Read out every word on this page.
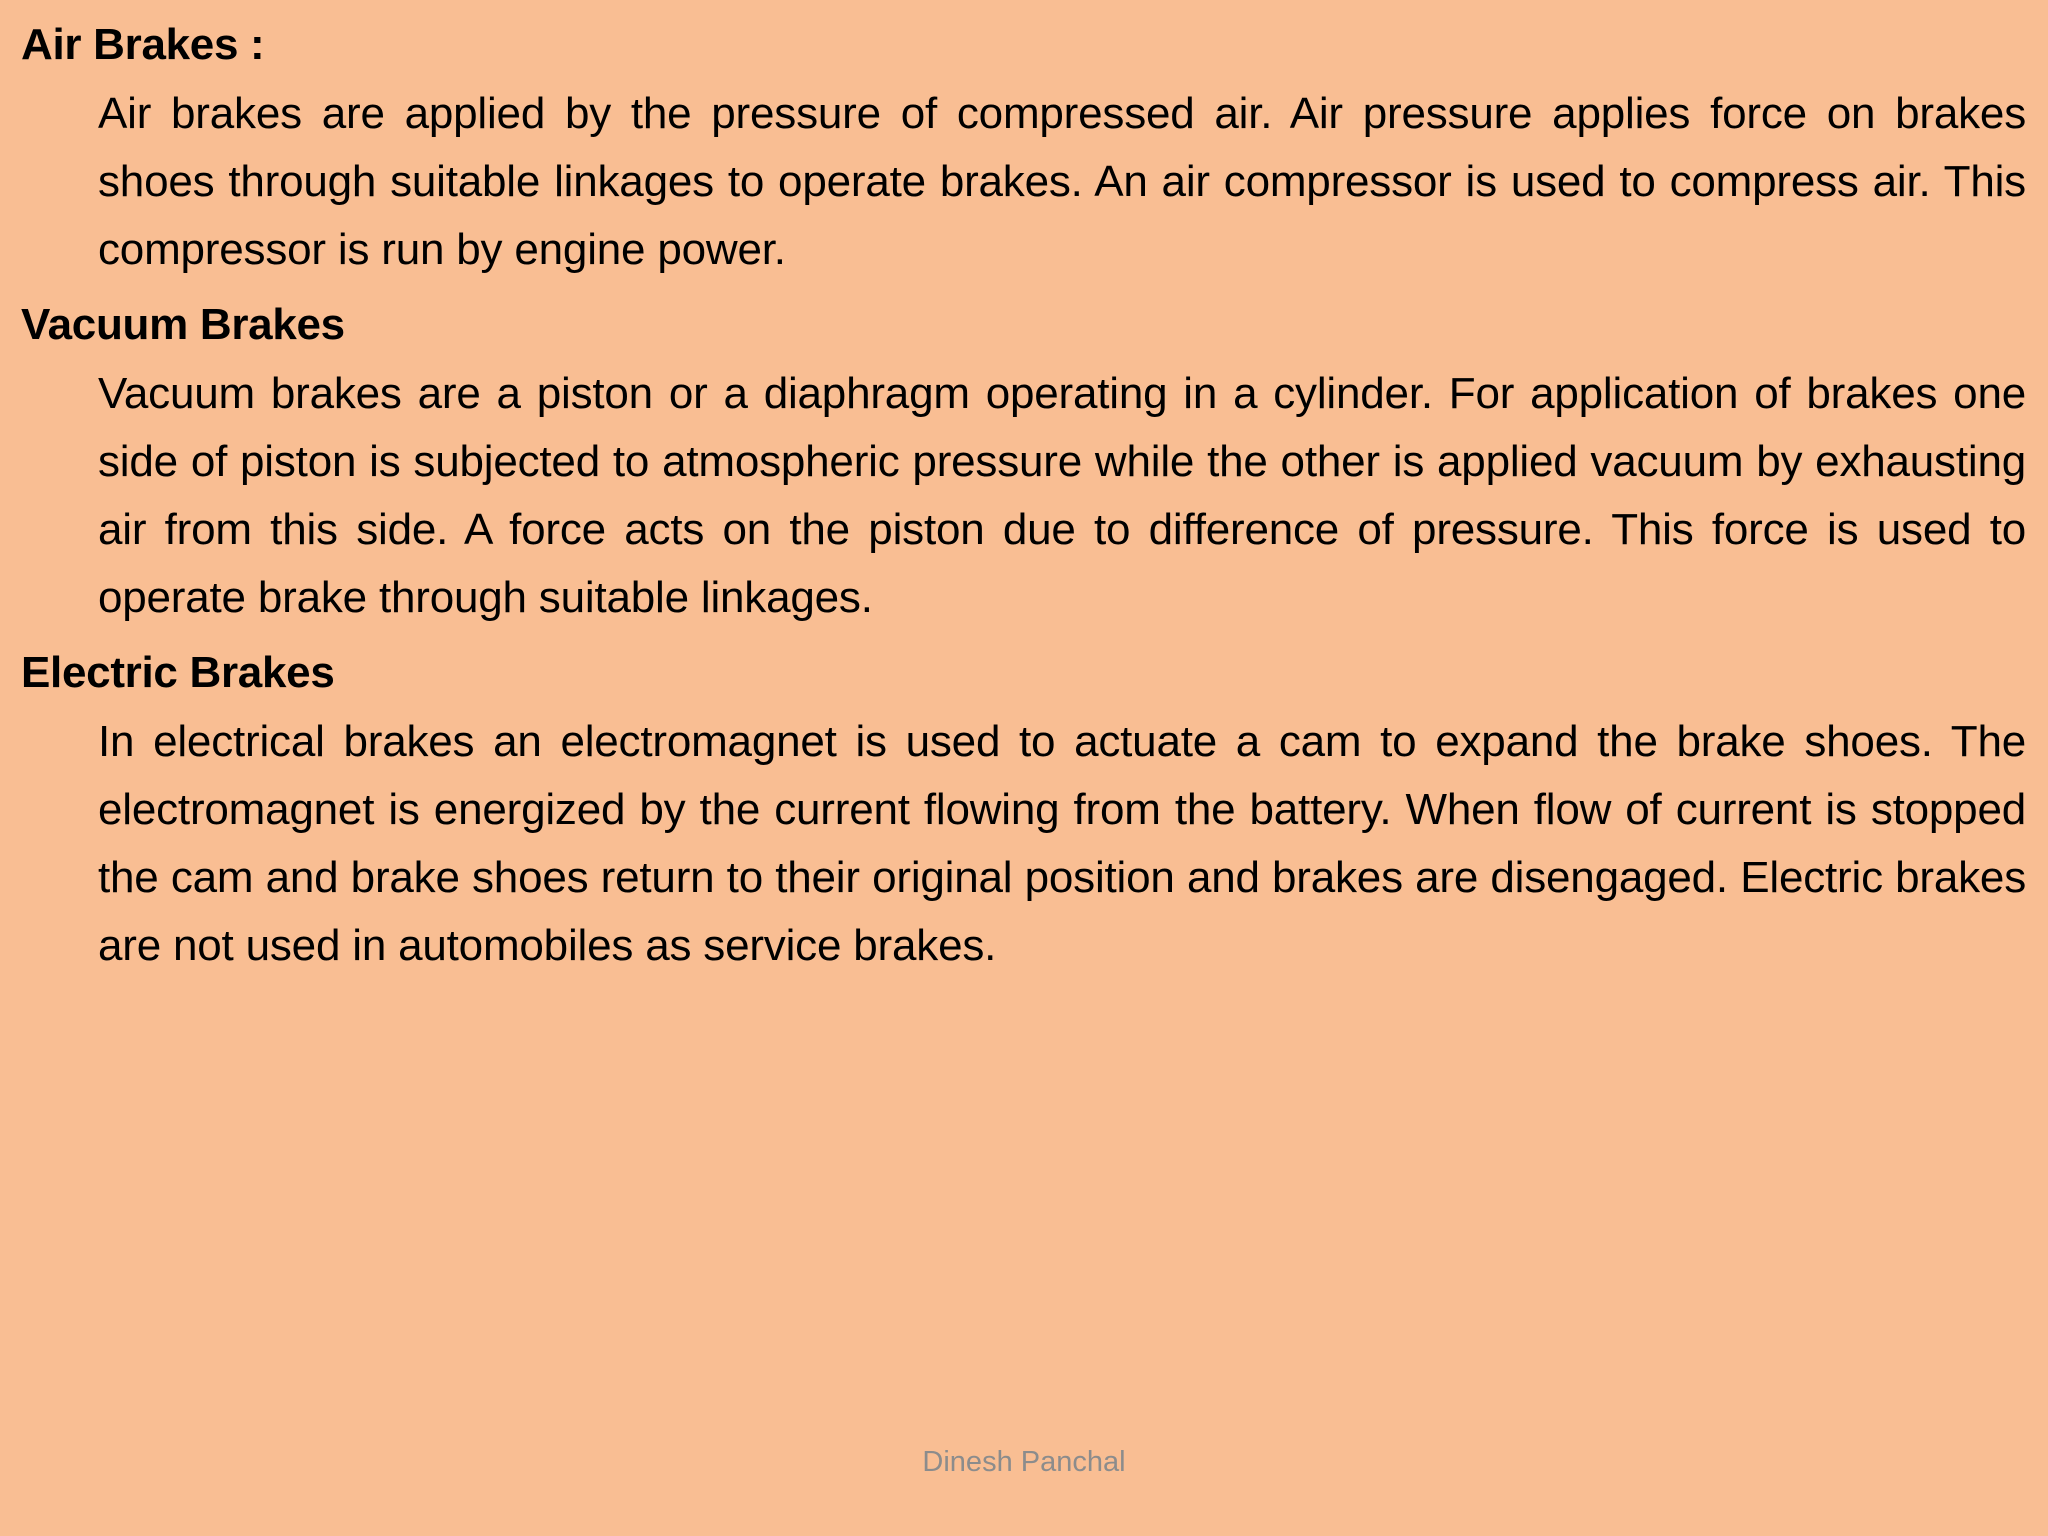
Air Brakes :

Air brakes are applied by the pressure of compressed air. Air pressure applies force on brakes shoes through suitable linkages to operate brakes. An air compressor is used to compress air. This compressor is run by engine power.

Vacuum Brakes

Vacuum brakes are a piston or a diaphragm operating in a cylinder. For application of brakes one side of piston is subjected to atmospheric pressure while the other is applied vacuum by exhausting air from this side. A force acts on the piston due to difference of pressure. This force is used to operate brake through suitable linkages.

Electric Brakes

In electrical brakes an electromagnet is used to actuate a cam to expand the brake shoes. The electromagnet is energized by the current flowing from the battery. When flow of current is stopped the cam and brake shoes return to their original position and brakes are disengaged. Electric brakes are not used in automobiles as service brakes.

Dinesh Panchal
